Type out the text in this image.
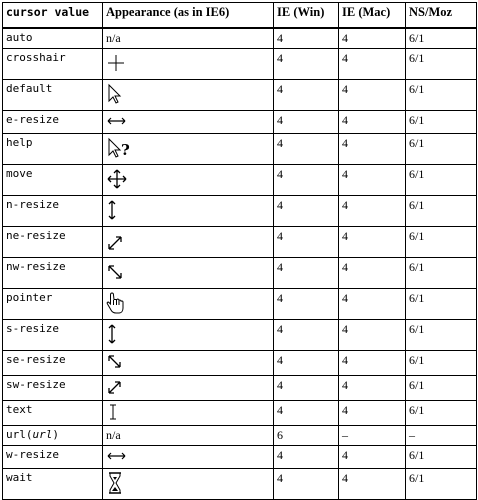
cursor value	Appearance (as in IE6)	IE (Win)	IE (Mac)	NS/Moz
auto	n/a	4	4	6/1
crosshair		4	4	6/1
default		4	4	6/1
e-resize		4	4	6/1
help	?	4	4	6/1
move		4	4	6/1
n-resize		4	4	6/1
ne-resize		4	4	6/1
nw-resize		4	4	6/1
pointer		4	4	6/1
s-resize		4	4	6/1
se-resize		4	4	6/1
sw-resize		4	4	6/1
text		4	4	6/1
url(url)	n/a	6	–	–
w-resize		4	4	6/1
wait		4	4	6/1
